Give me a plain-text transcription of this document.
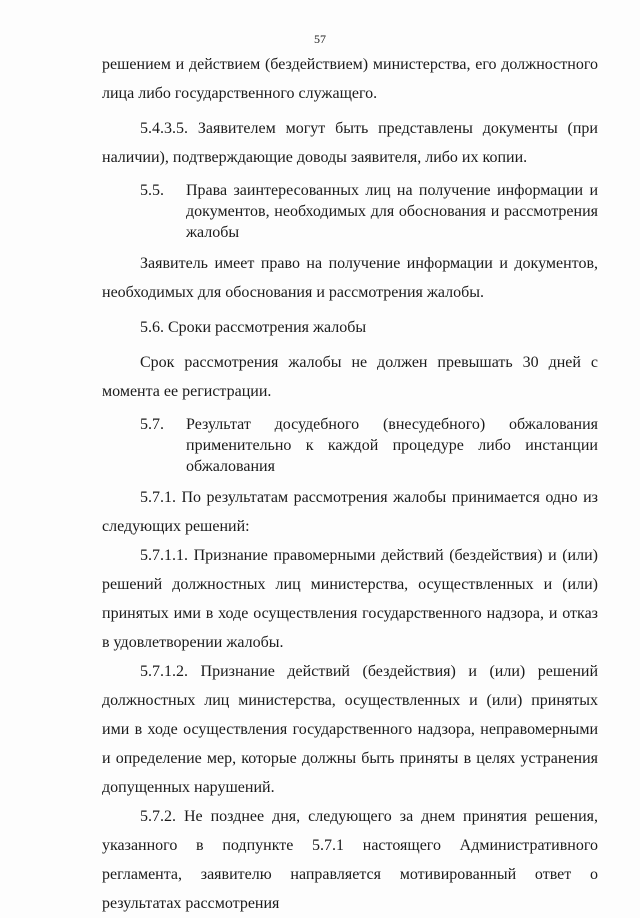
57

решением и действием (бездействием) министерства, его должностного лица либо государственного служащего.

5.4.3.5. Заявителем могут быть представлены документы (при наличии), подтверждающие доводы заявителя, либо их копии.

5.5.	Права заинтересованных лиц на получение информации и документов, необходимых для обоснования и рассмотрения жалобы

Заявитель имеет право на получение информации и документов, необходимых для обоснования и рассмотрения жалобы.

5.6. Сроки рассмотрения жалобы

Срок рассмотрения жалобы не должен превышать 30 дней с момента ее регистрации.

5.7.	Результат досудебного (внесудебного) обжалования применительно к каждой процедуре либо инстанции обжалования

5.7.1. По результатам рассмотрения жалобы принимается одно из следующих решений:

5.7.1.1. Признание правомерными действий (бездействия) и (или) решений должностных лиц министерства, осуществленных и (или) принятых ими в ходе осуществления государственного надзора, и отказ в удовлетворении жалобы.

5.7.1.2. Признание действий (бездействия) и (или) решений должностных лиц министерства, осуществленных и (или) принятых ими в ходе осуществления государственного надзора, неправомерными и определение мер, которые должны быть приняты в целях устранения допущенных нарушений.

5.7.2. Не позднее дня, следующего за днем принятия решения, указанного в подпункте 5.7.1 настоящего Административного регламента, заявителю направляется мотивированный ответ о результатах рассмотрения
